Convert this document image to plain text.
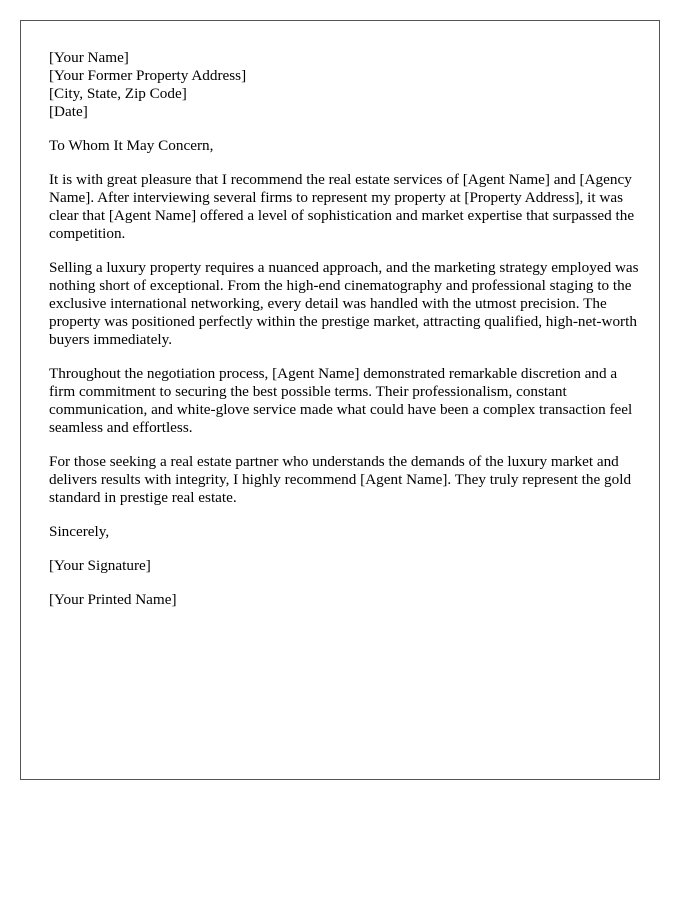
[Your Name]
[Your Former Property Address]
[City, State, Zip Code]
[Date]

To Whom It May Concern,

It is with great pleasure that I recommend the real estate services of [Agent Name] and [Agency Name]. After interviewing several firms to represent my property at [Property Address], it was clear that [Agent Name] offered a level of sophistication and market expertise that surpassed the competition.

Selling a luxury property requires a nuanced approach, and the marketing strategy employed was nothing short of exceptional. From the high-end cinematography and professional staging to the exclusive international networking, every detail was handled with the utmost precision. The property was positioned perfectly within the prestige market, attracting qualified, high-net-worth buyers immediately.

Throughout the negotiation process, [Agent Name] demonstrated remarkable discretion and a firm commitment to securing the best possible terms. Their professionalism, constant communication, and white-glove service made what could have been a complex transaction feel seamless and effortless.

For those seeking a real estate partner who understands the demands of the luxury market and delivers results with integrity, I highly recommend [Agent Name]. They truly represent the gold standard in prestige real estate.

Sincerely,

[Your Signature]

[Your Printed Name]
